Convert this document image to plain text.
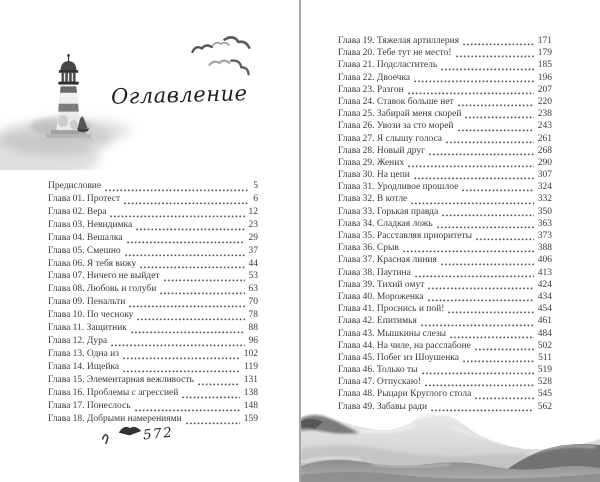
Оглавление
Предисловие	5
Глава 01. Протест	6
Глава 02. Вера	12
Глава 03. Невидимка	23
Глава 04. Вешалка	29
Глава 05. Смешно	37
Глава 06. Я тебя вижу	44
Глава 07. Ничего не выйдет	53
Глава 08. Любовь и голуби	63
Глава 09. Пенальти	70
Глава 10. По чесноку	78
Глава 11. Защитник	88
Глава 12. Дура	96
Глава 13. Одна из	102
Глава 14. Ищейка	119
Глава 15. Элементарная вежливость	131
Глава 16. Проблемы с агрессией	138
Глава 17. Понеслось	148
Глава 18. Добрыми намерениями	159
572
Глава 19. Тяжелая артиллерия	171
Глава 20. Тебе тут не место!	179
Глава 21. Подсластитель	185
Глава 22. Двоечка	196
Глава 23. Разгон	207
Глава 24. Ставок больше нет	220
Глава 25. Забирай меня скорей	238
Глава 26. Увози за сто морей	243
Глава 27. Я слышу голоса	261
Глава 28. Новый друг	268
Глава 29. Жених	290
Глава 30. На цепи	307
Глава 31. Уродливое прошлое	324
Глава 32. В котле	332
Глава 33. Горькая правда	350
Глава 34. Сладкая ложь	363
Глава 35. Расставляя приоритеты	373
Глава 36. Срыв	388
Глава 37. Красная линия	406
Глава 38. Паутина	413
Глава 39. Тихий омут	424
Глава 40. Мороженка	434
Глава 41. Проснись и пой!	454
Глава 42. Епитимья	461
Глава 43. Мышкины слезы	484
Глава 44. На чиле, на расслабоне	502
Глава 45. Побег из Шоушенка	511
Глава 46. Только ты	519
Глава 47. Отпускаю!	528
Глава 48. Рыцари Круглого стола	545
Глава 49. Забавы ради	562
